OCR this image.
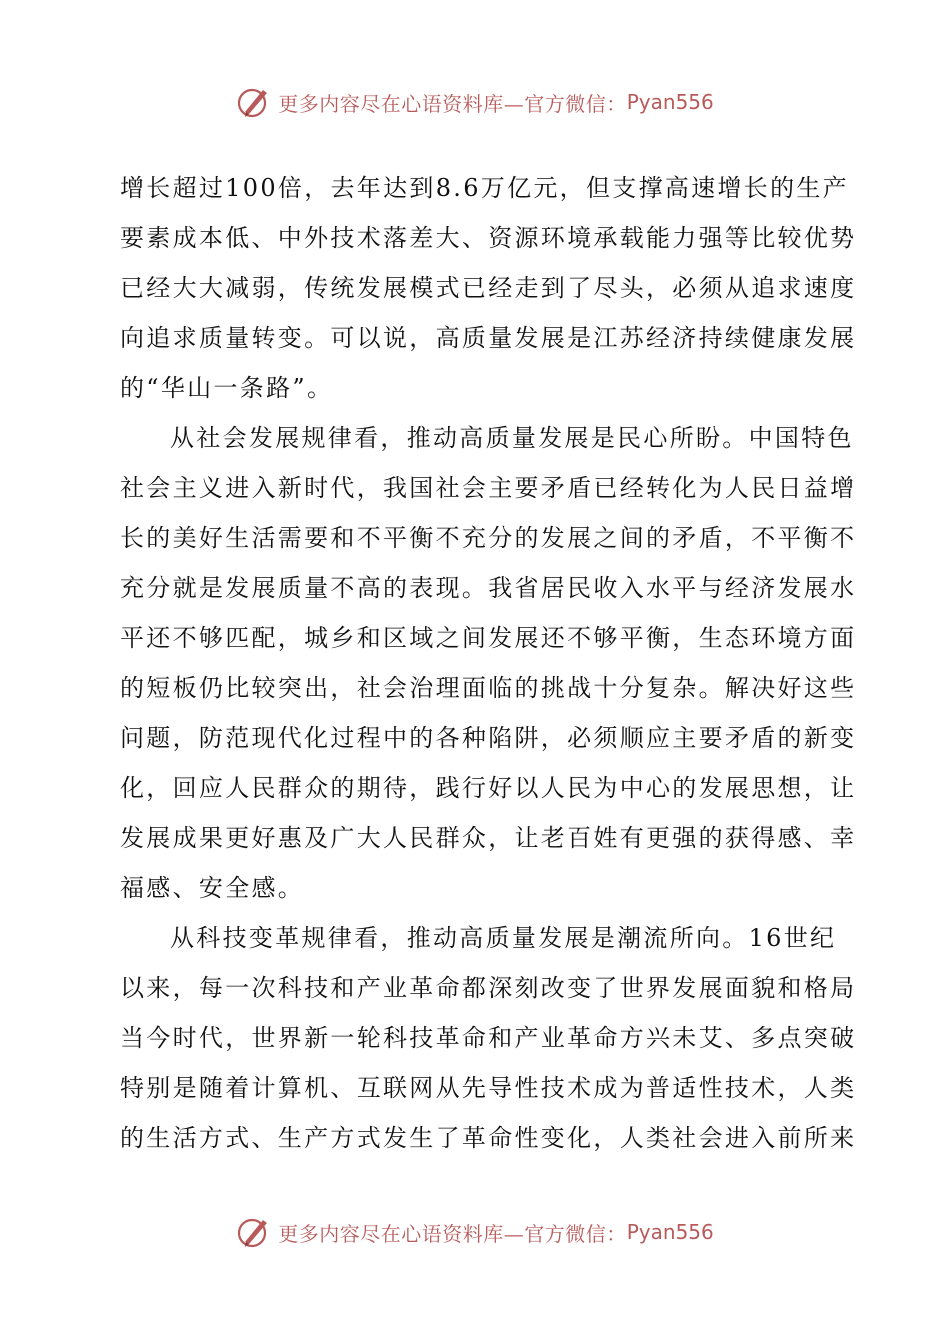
更多内容尽在心语资料库—官方微信： Pyan556
增长超过100倍，去年达到8.6万亿元，但支撑高速增长的生产
要素成本低、中外技术落差大、资源环境承载能力强等比较优势
已经大大减弱，传统发展模式已经走到了尽头，必须从追求速度
向追求质量转变。可以说，高质量发展是江苏经济持续健康发展
的“华山一条路”。
从社会发展规律看，推动高质量发展是民心所盼。中国特色
社会主义进入新时代，我国社会主要矛盾已经转化为人民日益增
长的美好生活需要和不平衡不充分的发展之间的矛盾，不平衡不
充分就是发展质量不高的表现。我省居民收入水平与经济发展水
平还不够匹配，城乡和区域之间发展还不够平衡，生态环境方面
的短板仍比较突出，社会治理面临的挑战十分复杂。解决好这些
问题，防范现代化过程中的各种陷阱，必须顺应主要矛盾的新变
化，回应人民群众的期待，践行好以人民为中心的发展思想，让
发展成果更好惠及广大人民群众，让老百姓有更强的获得感、幸
福感、安全感。
从科技变革规律看，推动高质量发展是潮流所向。16世纪
以来，每一次科技和产业革命都深刻改变了世界发展面貌和格局
当今时代，世界新一轮科技革命和产业革命方兴未艾、多点突破
特别是随着计算机、互联网从先导性技术成为普适性技术，人类
的生活方式、生产方式发生了革命性变化，人类社会进入前所来
更多内容尽在心语资料库—官方微信： Pyan556
